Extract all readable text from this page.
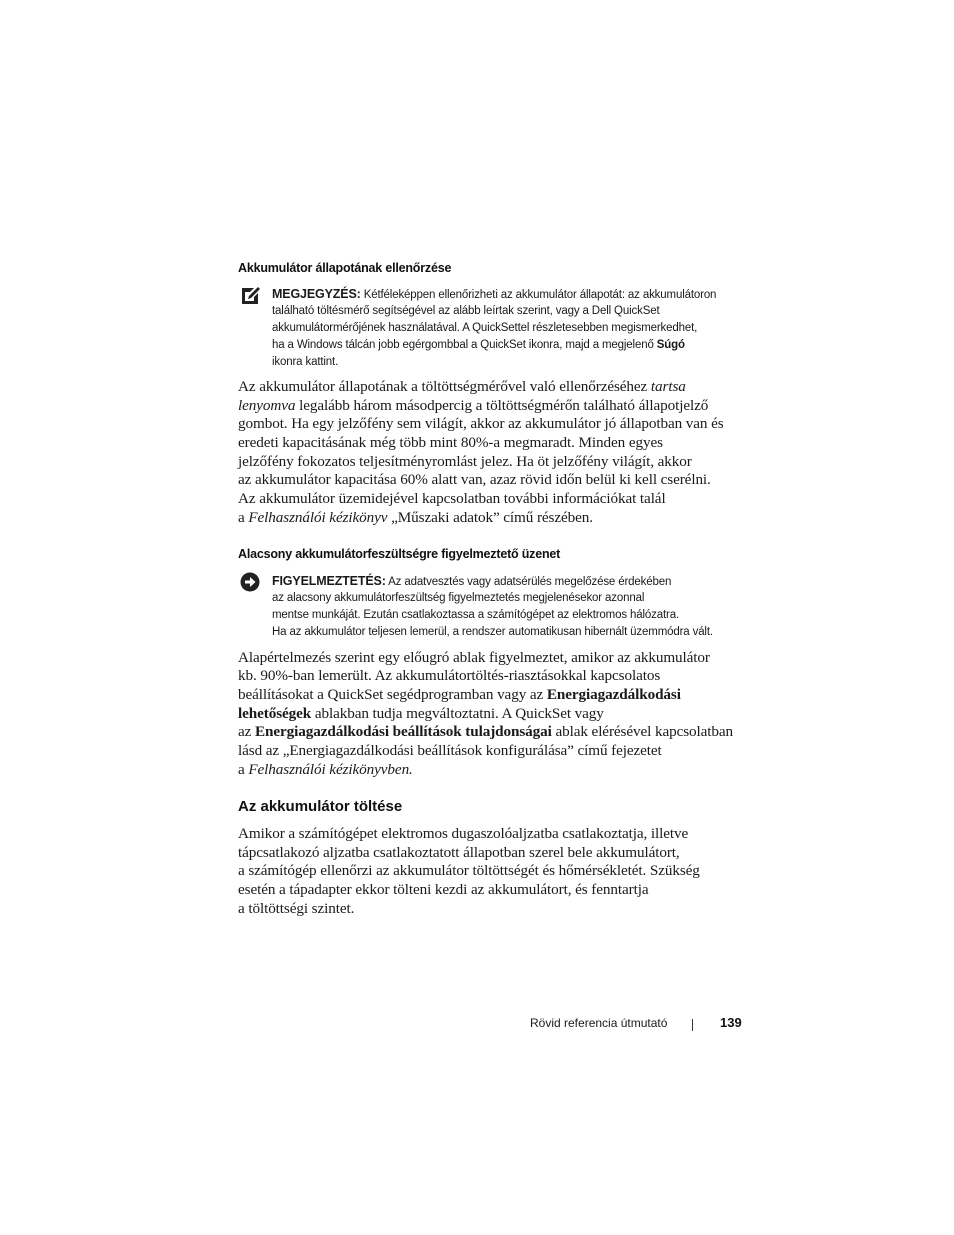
Akkumulátor állapotának ellenőrzése
MEGJEGYZÉS: Kétféleképpen ellenőrizheti az akkumulátor állapotát: az akkumulátoron
található töltésmérő segítségével az alább leírtak szerint, vagy a Dell QuickSet
akkumulátormérőjének használatával. A QuickSettel részletesebben megismerkedhet,
ha a Windows tálcán jobb egérgombbal a QuickSet ikonra, majd a megjelenő Súgó
ikonra kattint.
Az akkumulátor állapotának a töltöttségmérővel való ellenőrzéséhez tartsa
lenyomva legalább három másodpercig a töltöttségmérőn található állapotjelző
gombot. Ha egy jelzőfény sem világít, akkor az akkumulátor jó állapotban van és
eredeti kapacitásának még több mint 80%-a megmaradt. Minden egyes
jelzőfény fokozatos teljesítményromlást jelez. Ha öt jelzőfény világít, akkor
az akkumulátor kapacitása 60% alatt van, azaz rövid időn belül ki kell cserélni.
Az akkumulátor üzemidejével kapcsolatban további információkat talál
a Felhasználói kézikönyv „Műszaki adatok” című részében.
Alacsony akkumulátorfeszültségre figyelmeztető üzenet
FIGYELMEZTETÉS: Az adatvesztés vagy adatsérülés megelőzése érdekében
az alacsony akkumulátorfeszültség figyelmeztetés megjelenésekor azonnal
mentse munkáját. Ezután csatlakoztassa a számítógépet az elektromos hálózatra.
Ha az akkumulátor teljesen lemerül, a rendszer automatikusan hibernált üzemmódra vált.
Alapértelmezés szerint egy előugró ablak figyelmeztet, amikor az akkumulátor
kb. 90%-ban lemerült. Az akkumulátortöltés-riasztásokkal kapcsolatos
beállításokat a QuickSet segédprogramban vagy az Energiagazdálkodási
lehetőségek ablakban tudja megváltoztatni. A QuickSet vagy
az Energiagazdálkodási beállítások tulajdonságai ablak elérésével kapcsolatban
lásd az „Energiagazdálkodási beállítások konfigurálása” című fejezetet
a Felhasználói kézikönyvben.
Az akkumulátor töltése
Amikor a számítógépet elektromos dugaszolóaljzatba csatlakoztatja, illetve
tápcsatlakozó aljzatba csatlakoztatott állapotban szerel bele akkumulátort,
a számítógép ellenőrzi az akkumulátor töltöttségét és hőmérsékletét. Szükség
esetén a tápadapter ekkor tölteni kezdi az akkumulátort, és fenntartja
a töltöttségi szintet.
Rövid referencia útmutató	139
